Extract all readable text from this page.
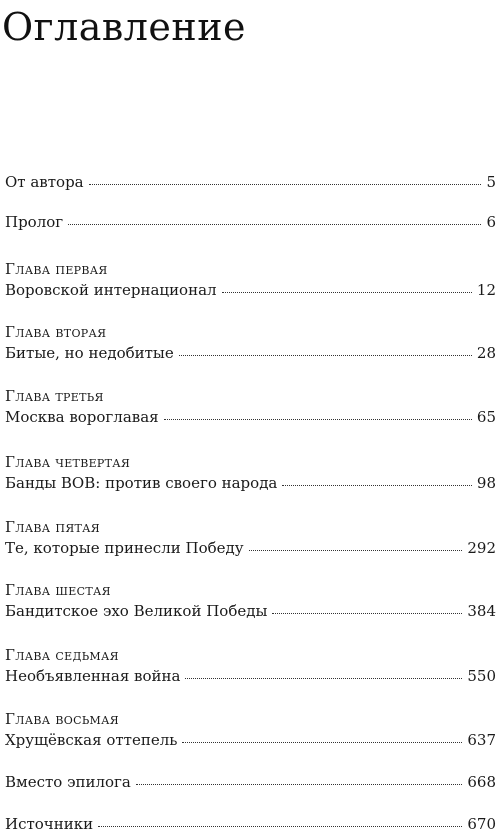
Оглавление
От автора	5
Пролог	6
Глава первая
Воровской интернационал	12
Глава вторая
Битые, но недобитые	28
Глава третья
Москва вороглавая	65
Глава четвертая
Банды ВОВ: против своего народа	98
Глава пятая
Те, которые принесли Победу	292
Глава шестая
Бандитское эхо Великой Победы	384
Глава седьмая
Необъявленная война	550
Глава восьмая
Хрущёвская оттепель	637
Вместо эпилога	668
Источники	670
